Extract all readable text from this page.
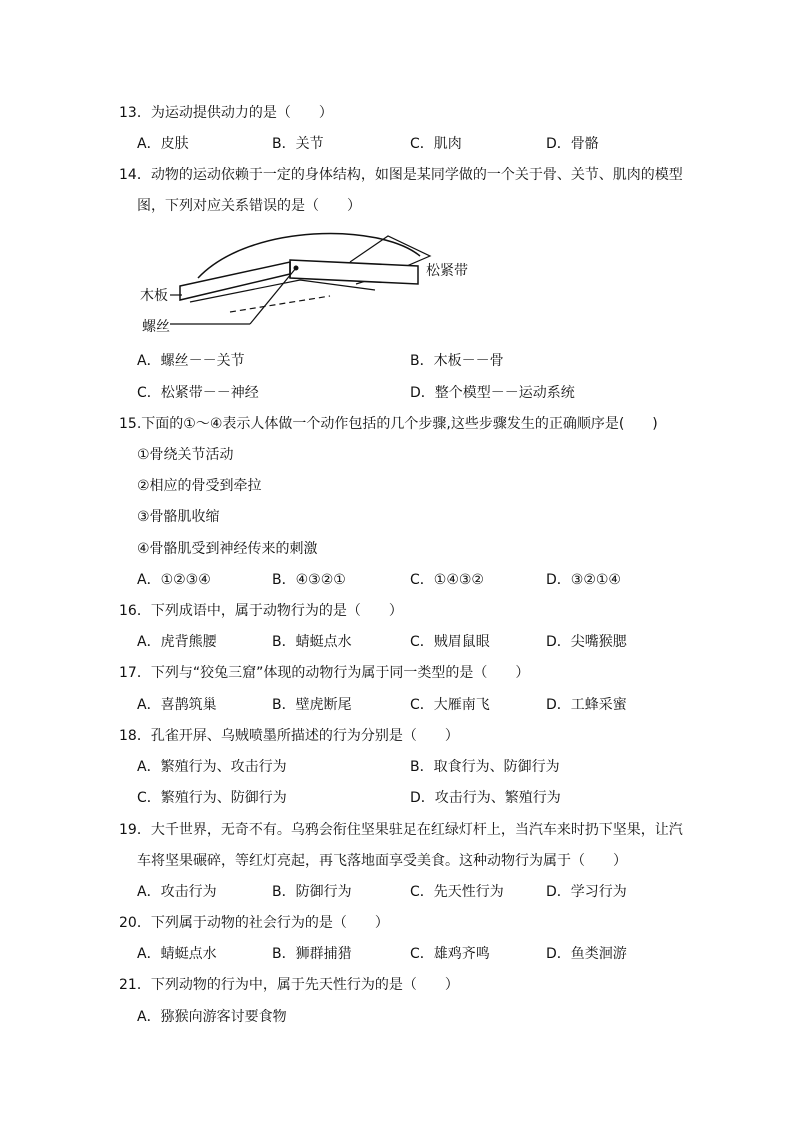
13．为运动提供动力的是（　　）
A．皮肤	B．关节	C．肌肉	D．骨骼
14．动物的运动依赖于一定的身体结构，如图是某同学做的一个关于骨、关节、肌肉的模型
图，下列对应关系错误的是（　　）
木板
螺丝
松紧带
A．螺丝－－关节	B．木板－－骨
C．松紧带－－神经	D．整个模型－－运动系统
15.下面的①～④表示人体做一个动作包括的几个步骤,这些步骤发生的正确顺序是(　　)
①骨绕关节活动
②相应的骨受到牵拉
③骨骼肌收缩
④骨骼肌受到神经传来的刺激
A．①②③④	B．④③②①	C．①④③②	D．③②①④
16．下列成语中，属于动物行为的是（　　）
A．虎背熊腰	B．蜻蜓点水	C．贼眉鼠眼	D．尖嘴猴腮
17．下列与“狡兔三窟”体现的动物行为属于同一类型的是（　　）
A．喜鹊筑巢	B．壁虎断尾	C．大雁南飞	D．工蜂采蜜
18．孔雀开屏、乌贼喷墨所描述的行为分别是（　　）
A．繁殖行为、攻击行为	B．取食行为、防御行为
C．繁殖行为、防御行为	D．攻击行为、繁殖行为
19．大千世界，无奇不有。乌鸦会衔住坚果驻足在红绿灯杆上，当汽车来时扔下坚果，让汽
车将坚果碾碎，等红灯亮起，再飞落地面享受美食。这种动物行为属于（　　）
A．攻击行为	B．防御行为	C．先天性行为	D．学习行为
20．下列属于动物的社会行为的是（　　）
A．蜻蜓点水	B．狮群捕猎	C．雄鸡齐鸣	D．鱼类洄游
21．下列动物的行为中，属于先天性行为的是（　　）
A．猕猴向游客讨要食物
